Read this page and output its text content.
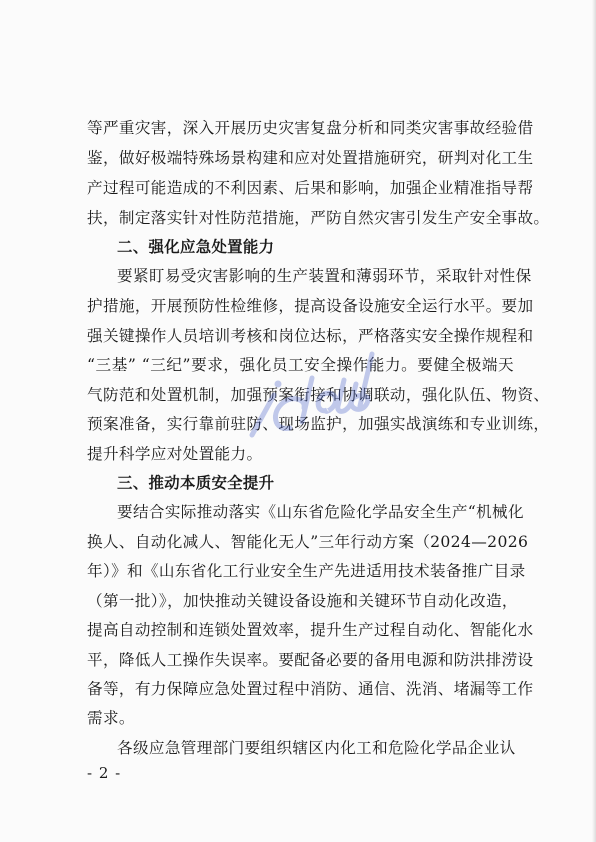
等严重灾害，深入开展历史灾害复盘分析和同类灾害事故经验借
鉴，做好极端特殊场景构建和应对处置措施研究，研判对化工生
产过程可能造成的不利因素、后果和影响，加强企业精准指导帮
扶，制定落实针对性防范措施，严防自然灾害引发生产安全事故。
二、强化应急处置能力
要紧盯易受灾害影响的生产装置和薄弱环节，采取针对性保
护措施，开展预防性检维修，提高设备设施安全运行水平。要加
强关键操作人员培训考核和岗位达标，严格落实安全操作规程和
“三基” “三纪”要求，强化员工安全操作能力。要健全极端天
气防范和处置机制，加强预案衔接和协调联动，强化队伍、物资、
预案准备，实行靠前驻防、现场监护，加强实战演练和专业训练，
提升科学应对处置能力。
三、推动本质安全提升
要结合实际推动落实《山东省危险化学品安全生产“机械化
换人、自动化减人、智能化无人”三年行动方案（2024—2026
年）》和《山东省化工行业安全生产先进适用技术装备推广目录
（第一批）》，加快推动关键设备设施和关键环节自动化改造，
提高自动控制和连锁处置效率，提升生产过程自动化、智能化水
平，降低人工操作失误率。要配备必要的备用电源和防洪排涝设
备等，有力保障应急处置过程中消防、通信、洗消、堵漏等工作
需求。
各级应急管理部门要组织辖区内化工和危险化学品企业认
- 2 -
